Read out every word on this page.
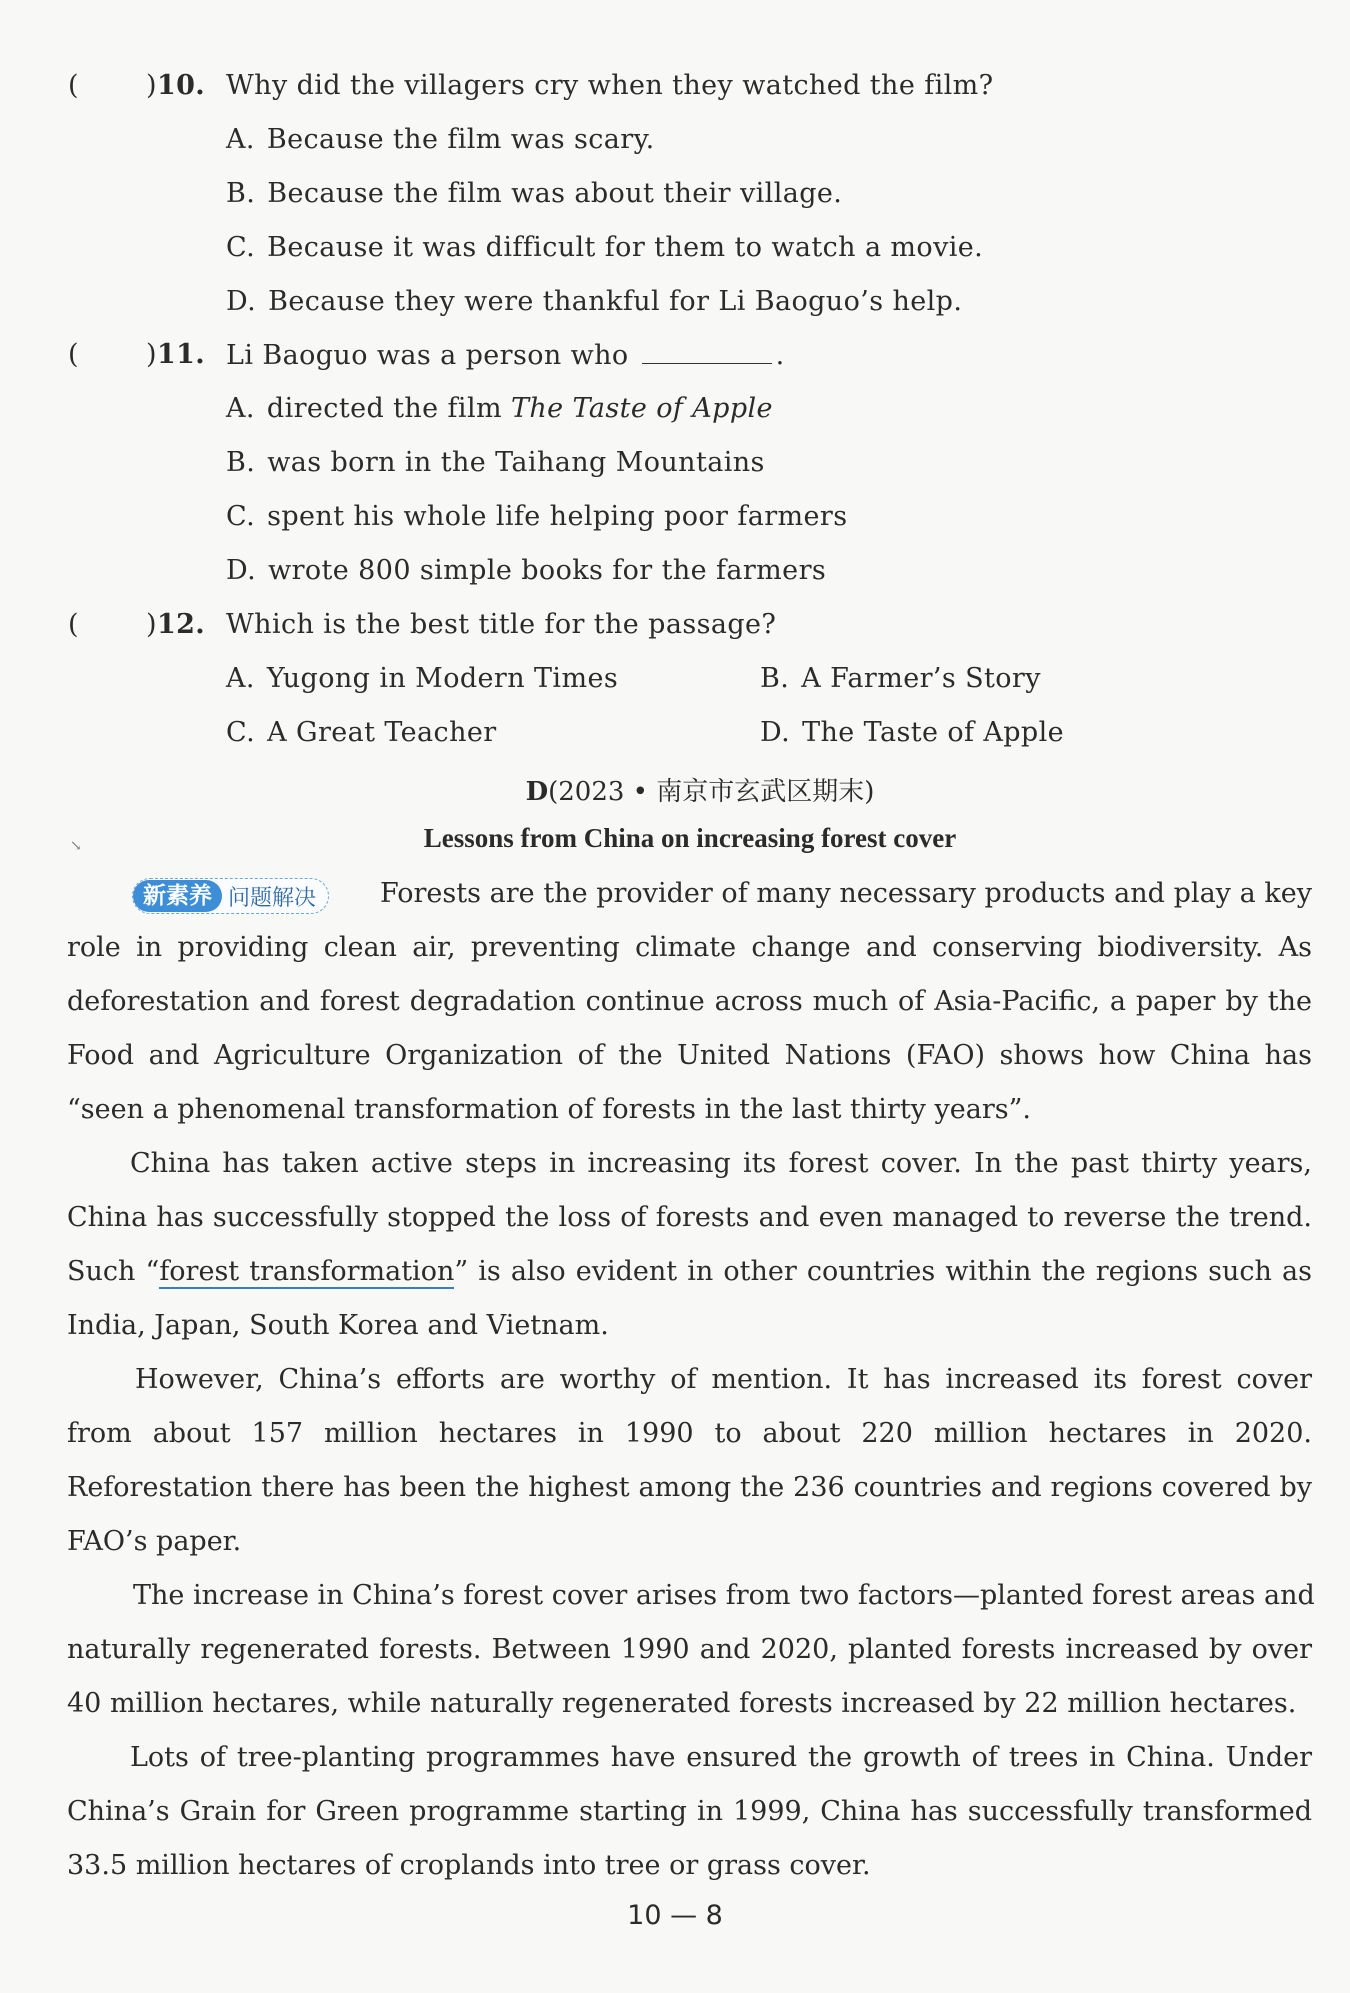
( )10. Why did the villagers cry when they watched the film?
A. Because the film was scary.
B. Because the film was about their village.
C. Because it was difficult for them to watch a movie.
D. Because they were thankful for Li Baoguo’s help.
( )11. Li Baoguo was a person who	.
A. directed the film The Taste of Apple
B. was born in the Taihang Mountains
C. spent his whole life helping poor farmers
D. wrote 800 simple books for the farmers
( )12. Which is the best title for the passage?
A. Yugong in Modern Times	B. A Farmer’s Story
C. A Great Teacher	D. The Taste of Apple
D(2023 • 南京市玄武区期末)
Lessons from China on increasing forest cover
↘
新素养 问题解决 Forests are the provider of many necessary products and play a key
role in providing clean air, preventing climate change and conserving biodiversity. As
deforestation and forest degradation continue across much of Asia-Pacific, a paper by the
Food and Agriculture Organization of the United Nations (FAO) shows how China has
“seen a phenomenal transformation of forests in the last thirty years”.
China has taken active steps in increasing its forest cover. In the past thirty years,
China has successfully stopped the loss of forests and even managed to reverse the trend.
Such “forest transformation” is also evident in other countries within the regions such as
India, Japan, South Korea and Vietnam.
However, China’s efforts are worthy of mention. It has increased its forest cover
from about 157 million hectares in 1990 to about 220 million hectares in 2020.
Reforestation there has been the highest among the 236 countries and regions covered by
FAO’s paper.
The increase in China’s forest cover arises from two factors—planted forest areas and
naturally regenerated forests. Between 1990 and 2020, planted forests increased by over
40 million hectares, while naturally regenerated forests increased by 22 million hectares.
Lots of tree-planting programmes have ensured the growth of trees in China. Under
China’s Grain for Green programme starting in 1999, China has successfully transformed
33.5 million hectares of croplands into tree or grass cover.
10 — 8
